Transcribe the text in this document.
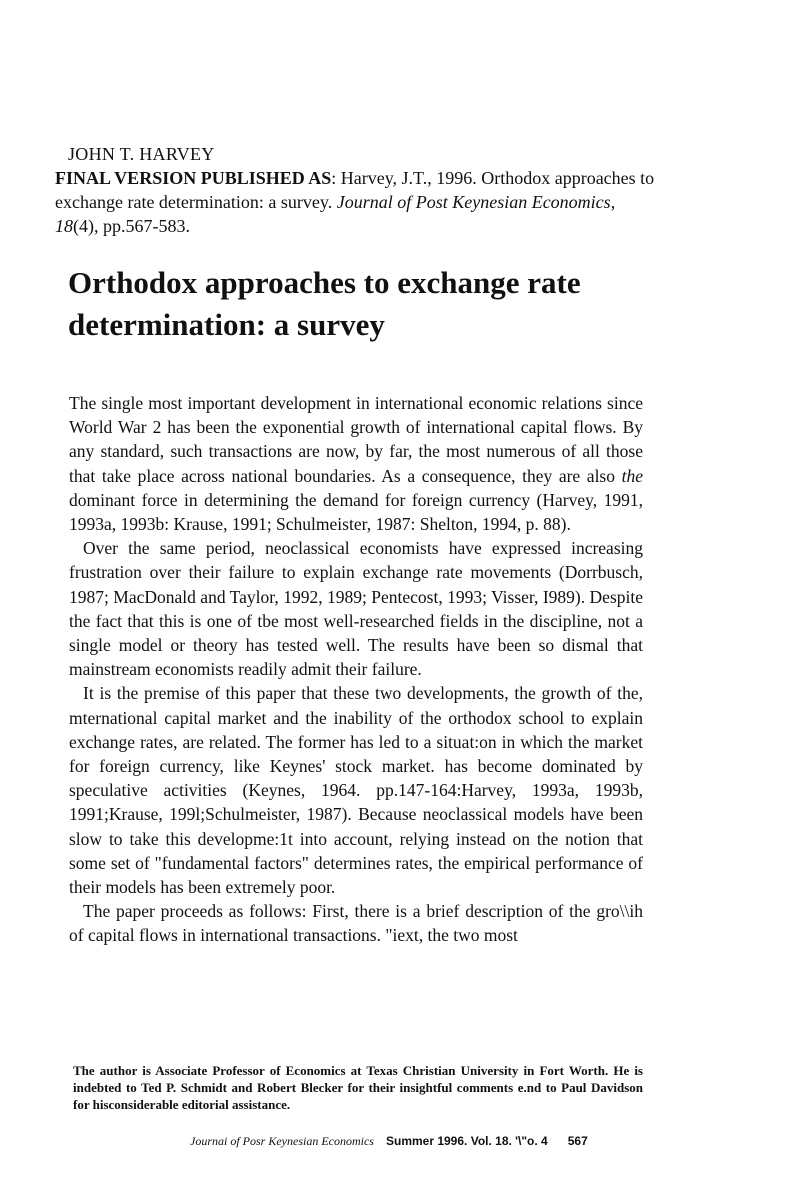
JOHN T. HARVEY
FINAL VERSION PUBLISHED AS: Harvey, J.T., 1996. Orthodox approaches to exchange rate determination: a survey. Journal of Post Keynesian Economics, 18(4), pp.567-583.
Orthodox approaches to exchange rate determination: a survey

The single most important development in international economic relations since World War 2 has been the exponential growth of international capital flows. By any standard, such transactions are now, by far, the most numerous of all those that take place across national boundaries. As a consequence, they are also the dominant force in determining the demand for foreign currency (Harvey, 1991, 1993a, 1993b: Krause, 1991; Schulmeister, 1987: Shelton, 1994, p. 88).

Over the same period, neoclassical economists have expressed increasing frustration over their failure to explain exchange rate movements (Dorrbusch, 1987; MacDonald and Taylor, 1992, 1989; Pentecost, 1993; Visser, I989). Despite the fact that this is one of tbe most well-researched fields in the discipline, not a single model or theory has tested well. The results have been so dismal that mainstream economists readily admit their failure.

It is the premise of this paper that these two developments, the growth of the, mternational capital market and the inability of the orthodox school to explain exchange rates, are related. The former has led to a situat:on in which the market for foreign currency, like Keynes' stock market. has become dominated by speculative activities (Keynes, 1964. pp.147-164:Harvey, 1993a, 1993b, 1991;Krause, 199l;Schulmeister, 1987). Because neoclassical models have been slow to take this developme:1t into account, relying instead on the notion that some set of "fundamental factors" determines rates, the empirical performance of their models has been extremely poor.

The paper proceeds as follows: First, there is a brief description of the gro\\ih of capital flows in international transactions. "iext, the two most

The author is Associate Professor of Economics at Texas Christian University in Fort Worth. He is indebted to Ted P. Schmidt and Robert Blecker for their insightful comments e.nd to Paul Davidson for hisconsiderable editorial assistance.
Journai of Posr Keynesian Economics Summer 1996. Vol. 18. '\"o. 4 567
